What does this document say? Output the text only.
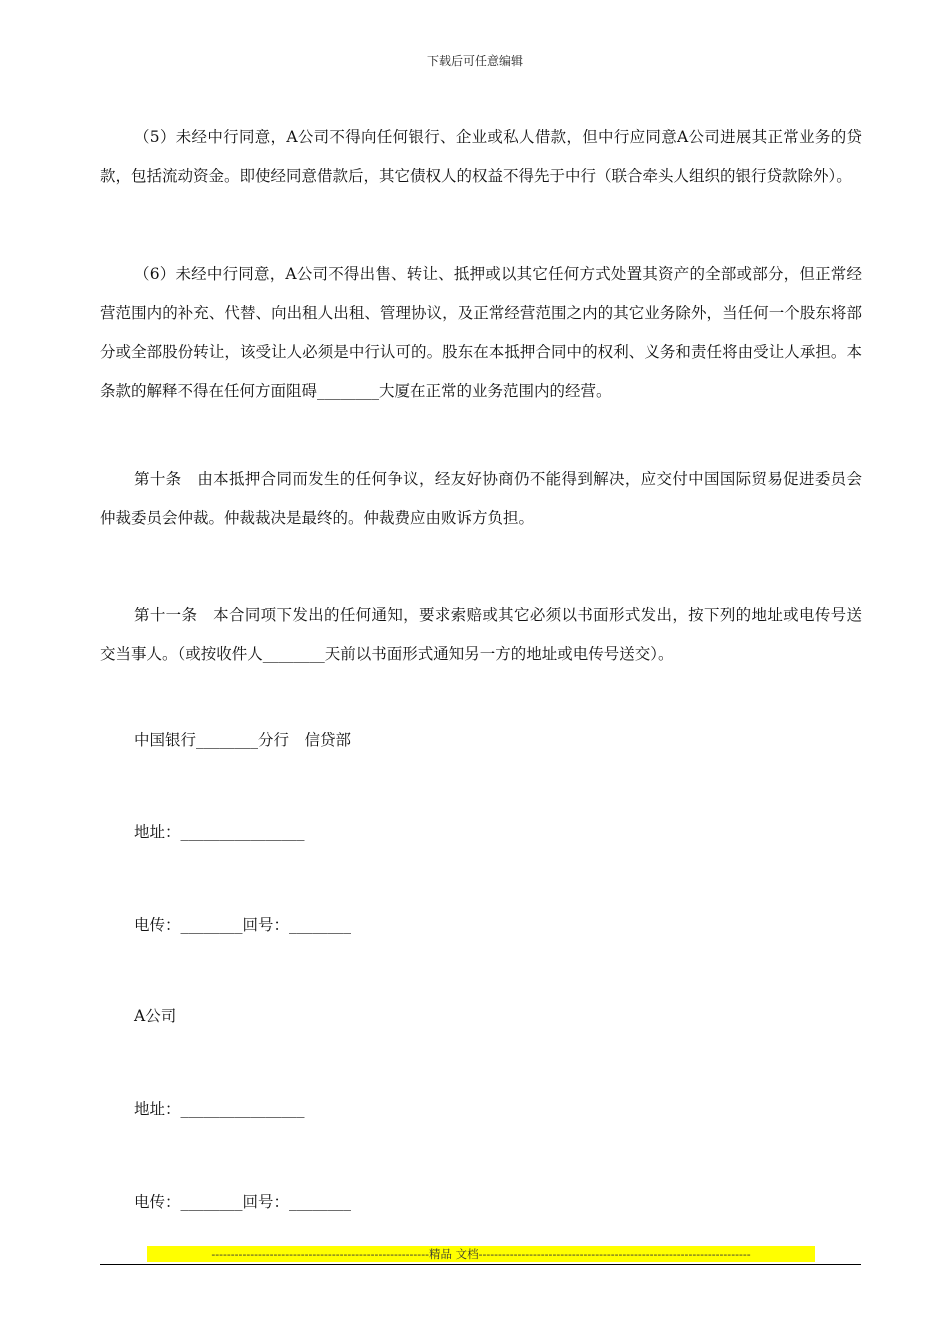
下载后可任意编辑

（5）未经中行同意，A公司不得向任何银行、企业或私人借款，但中行应同意A公司进展其正常业务的贷款，包括流动资金。即使经同意借款后，其它债权人的权益不得先于中行（联合牵头人组织的银行贷款除外）。

（6）未经中行同意，A公司不得出售、转让、抵押或以其它任何方式处置其资产的全部或部分，但正常经营范围内的补充、代替、向出租人出租、管理协议，及正常经营范围之内的其它业务除外，当任何一个股东将部分或全部股份转让，该受让人必须是中行认可的。股东在本抵押合同中的权利、义务和责任将由受让人承担。本条款的解释不得在任何方面阻碍________大厦在正常的业务范围内的经营。

第十条　由本抵押合同而发生的任何争议，经友好协商仍不能得到解决，应交付中国国际贸易促进委员会仲裁委员会仲裁。仲裁裁决是最终的。仲裁费应由败诉方负担。

第十一条　本合同项下发出的任何通知，要求索赔或其它必须以书面形式发出，按下列的地址或电传号送交当事人。（或按收件人________天前以书面形式通知另一方的地址或电传号送交）。

中国银行________分行　信贷部

地址：________________

电传：________回号：________

A公司

地址：________________

电传：________回号：________

--------------------------------------------------------精品 文档----------------------------------------------------------------------
